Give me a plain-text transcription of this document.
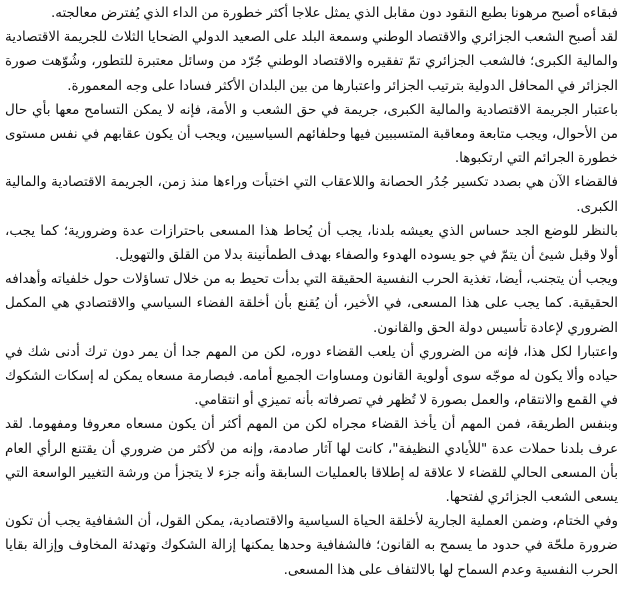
فبقاءه أصبح مرهونا بطبع النقود دون مقابل الذي يمثل علاجا أكثر خطورة من الداء الذي يُفترض معالجته.

لقد أصبح الشعب الجزائري والاقتصاد الوطني وسمعة البلد على الصعيد الدولي الضحايا الثلاث للجريمة الاقتصادية والمالية الكبرى؛ فالشعب الجزائري تمّ تفقيره والاقتصاد الوطني جُرّد من وسائل معتبرة للتطور، وشُوّهت صورة الجزائر في المحافل الدولية بترتيب الجزائر واعتبارها من بين البلدان الأكثر فسادا على وجه المعمورة.

باعتبار الجريمة الاقتصادية والمالية الكبرى، جريمة في حق الشعب و الأمة، فإنه لا يمكن التسامح معها بأي حال من الأحوال، ويجب متابعة ومعاقبة المتسببين فيها وحلفائهم السياسيين، ويجب أن يكون عقابهم في نفس مستوى خطورة الجرائم التي ارتكبوها.

فالقضاء الآن هي بصدد تكسير جُدُر الحصانة واللاعقاب التي اختبأت وراءها منذ زمن، الجريمة الاقتصادية والمالية الكبرى.

بالنظر للوضع الجد حساس الذي يعيشه بلدنا، يجب أن يُحاط هذا المسعى باحترازات عدة وضرورية؛ كما يجب، أولا وقبل شيئ أن يتمّ في جو يسوده الهدوء والصفاء بهدف الطمأنينة بدلا من القلق والتهويل.

ويجب أن يتجنب، أيضا، تغذية الحرب النفسية الحقيقة التي بدأت تحيط به من خلال تساؤلات حول خلفياته وأهدافه الحقيقية. كما يجب على هذا المسعى، في الأخير، أن يُقنع بأن أخلقة الفضاء السياسي والاقتصادي هي المكمل الضروري لإعادة تأسيس دولة الحق والقانون.

واعتبارا لكل هذا، فإنه من الضروري أن يلعب القضاء دوره، لكن من المهم جدا أن يمر دون ترك أدنى شك في حياده وألا يكون له موجّه سوى أولوية القانون ومساوات الجميع أمامه. فبصارمة مسعاه يمكن له إسكات الشكوك في القمع والانتقام، والعمل بصورة لا تُظهر في تصرفاته بأنه تميزي أو انتقامي.

وبنفس الطريقة، فمن المهم أن يأخذ القضاء مجراه لكن من المهم أكثر أن يكون مسعاه معروفا ومفهوما. لقد عرف بلدنا حملات عدة "للأيادي النظيفة"، كانت لها آثار صادمة، وإنه من لأكثر من ضروري أن يقتنع الرأي العام بأن المسعى الحالي للقضاء لا علاقة له إطلاقا بالعمليات السابقة وأنه جزء لا يتجزأ من ورشة التغيير الواسعة التي يسعى الشعب الجزائري لفتحها.

وفي الختام، وضمن العملية الجارية لأخلقة الحياة السياسية والاقتصادية، يمكن القول، أن الشفافية يجب أن تكون ضرورة ملحّة في حدود ما يسمح به القانون؛ فالشفافية وحدها يمكنها إزالة الشكوك وتهدئة المخاوف وإزالة بقايا الحرب النفسية وعدم السماح لها بالالتفاف على هذا المسعى.
